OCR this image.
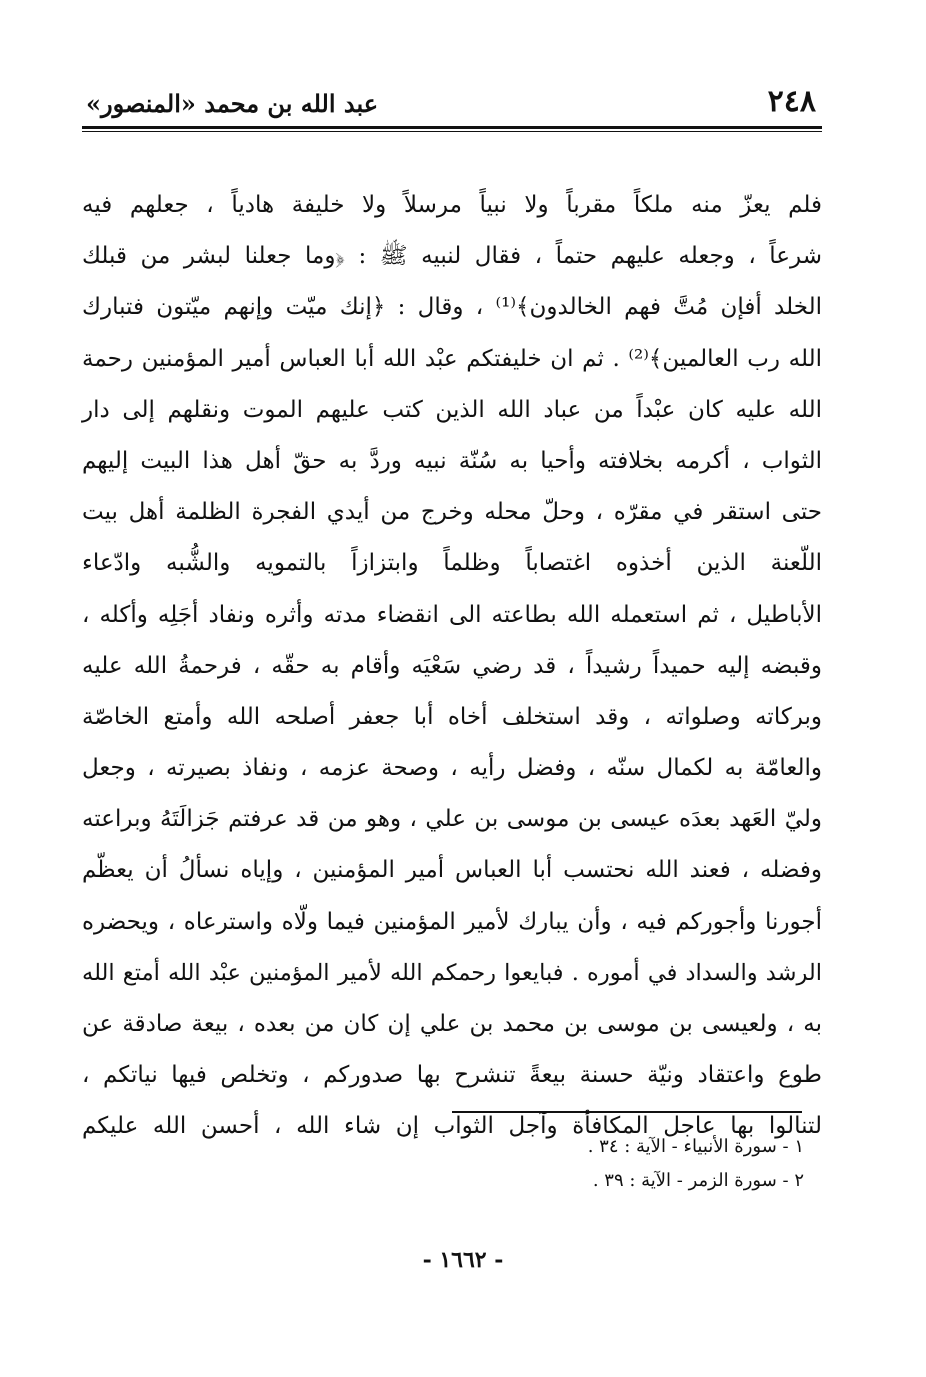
٢٤٨
عبد الله بن محمد «المنصور»
فلم يعزّ منه ملكاً مقرباً ولا نبياً مرسلاً ولا خليفة هادياً ، جعلهم فيه
شرعاً ، وجعله عليهم حتماً ، فقال لنبيه ﷺ : ﴿وما جعلنا لبشر من قبلك
الخلد أفإن مُتَّ فهم الخالدون﴾⁽¹⁾ ، وقال : ﴿إنك ميّت وإنهم ميّتون فتبارك
الله رب العالمين﴾⁽²⁾ . ثم ان خليفتكم عبْد الله أبا العباس أمير المؤمنين رحمة
الله عليه كان عبْداً من عباد الله الذين كتب عليهم الموت ونقلهم إلى دار
الثواب ، أكرمه بخلافته وأحيا به سُنّة نبيه وردَّ به حقّ أهل هذا البيت إليهم
حتى استقر في مقرّه ، وحلّ محله وخرج من أيدي الفجرة الظلمة أهل بيت
اللّعنة الذين أخذوه اغتصاباً وظلماً وابتزازاً بالتمويه والشُّبه وادّعاء
الأباطيل ، ثم استعمله الله بطاعته الى انقضاء مدته وأثره ونفاد أجَلِه وأكله ،
وقبضه إليه حميداً رشيداً ، قد رضي سَعْيَه وأقام به حقّه ، فرحمةُ الله عليه
وبركاته وصلواته ، وقد استخلف أخاه أبا جعفر أصلحه الله وأمتع الخاصّة
والعامّة به لكمال سنّه ، وفضل رأيه ، وصحة عزمه ، ونفاذ بصيرته ، وجعل
وليّ العَهد بعدَه عيسى بن موسى بن علي ، وهو من قد عرفتم جَزالَتَهُ وبراعته
وفضله ، فعند الله نحتسب أبا العباس أمير المؤمنين ، وإياه نسألُ أن يعظّم
أجورنا وأجوركم فيه ، وأن يبارك لأمير المؤمنين فيما ولّاه واسترعاه ، ويحضره
الرشد والسداد في أموره . فبايعوا رحمكم الله لأمير المؤمنين عبْد الله أمتع الله
به ، ولعيسى بن موسى بن محمد بن علي إن كان من بعده ، بيعة صادقة عن
طوع واعتقاد ونيّة حسنة بيعةً تنشرح بها صدوركم ، وتخلص فيها نياتكم ،
لتنالوا بها عاجل المكافأة وآجل الثواب إن شاء الله ، أحسن الله عليكم
١ - سورة الأنبياء - الآية : ٣٤ .
٢ - سورة الزمر - الآية : ٣٩ .
- ١٦٦٢ -
